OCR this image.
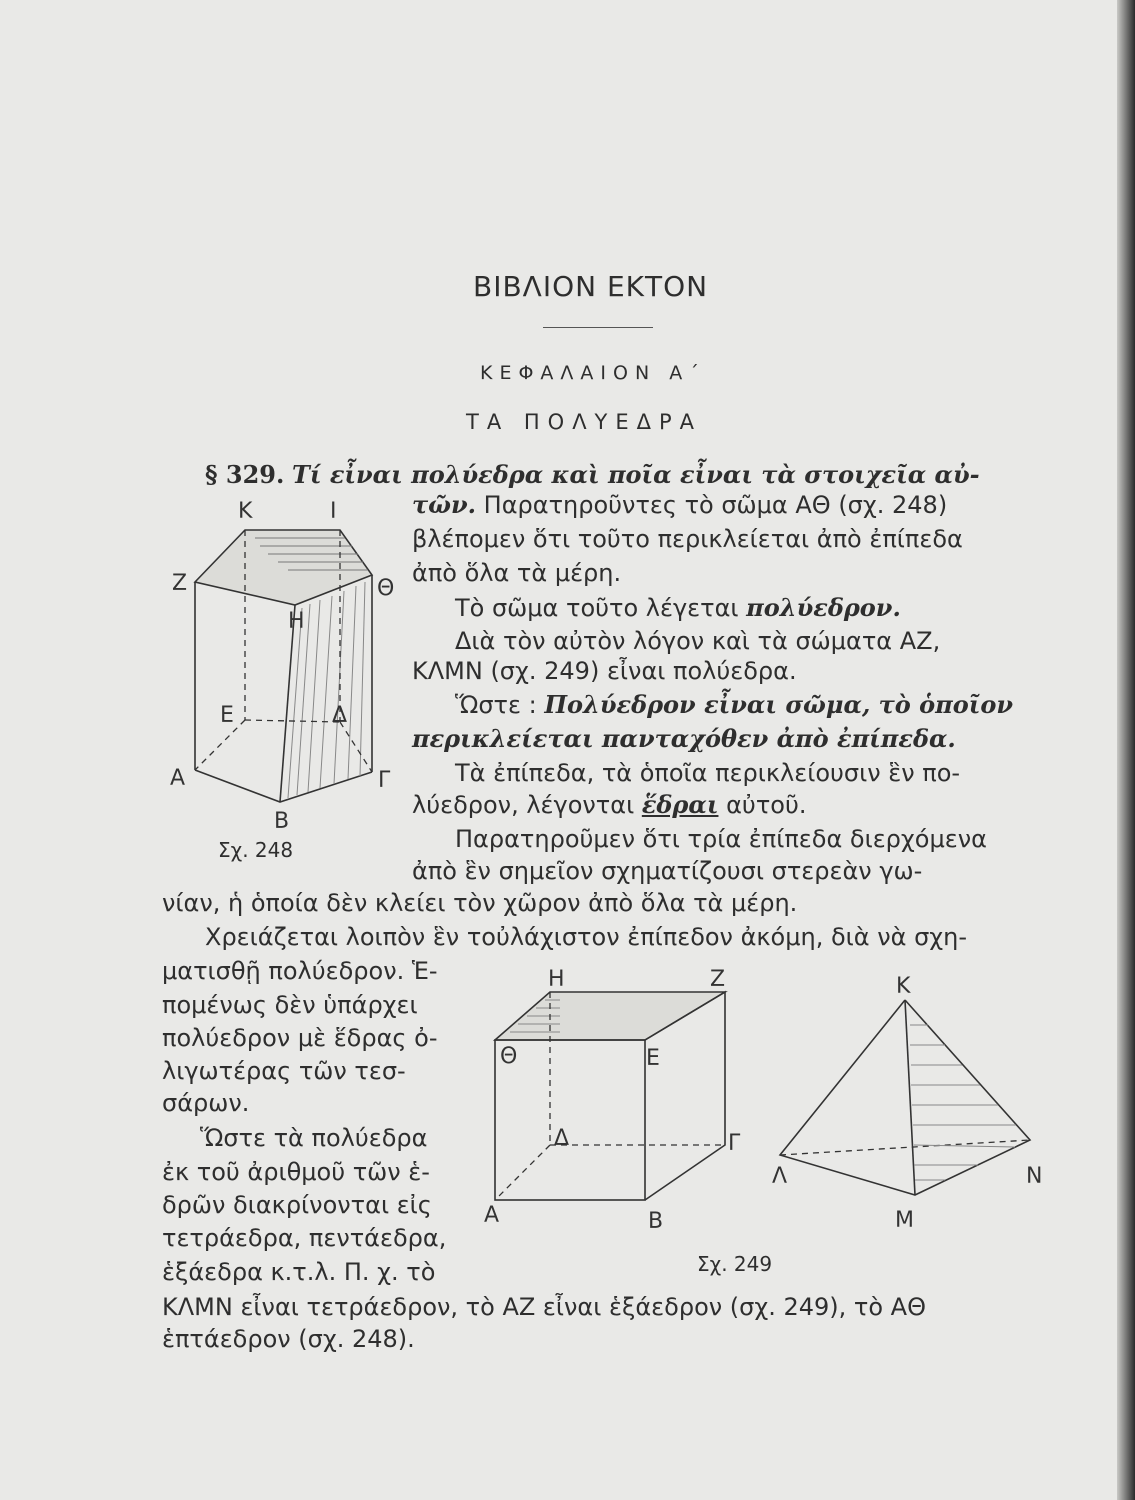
ΒΙΒΛΙΟΝ ΕΚΤΟΝ
ΚΕΦΑΛΑΙΟΝ Α΄
ΤΑ ΠΟΛΥΕΔΡΑ
§ 329. Τί εἶναι πολύεδρα καὶ ποῖα εἶναι τὰ στοιχεῖα αὐ-
τῶν. Παρατηροῦντες τὸ σῶμα ΑΘ (σχ. 248)
βλέπομεν ὅτι τοῦτο περικλείεται ἀπὸ ἐπίπεδα
ἀπὸ ὅλα τὰ μέρη.
Τὸ σῶμα τοῦτο λέγεται πολύεδρον.
Διὰ τὸν αὐτὸν λόγον καὶ τὰ σώματα ΑΖ,
ΚΛΜΝ (σχ. 249) εἶναι πολύεδρα.
Ὥστε : Πολύεδρον εἶναι σῶμα, τὸ ὁποῖον
περικλείεται πανταχόθεν ἀπὸ ἐπίπεδα.
Τὰ ἐπίπεδα, τὰ ὁποῖα περικλείουσιν ἓν πο-
λύεδρον, λέγονται ἕδραι αὐτοῦ.
Παρατηροῦμεν ὅτι τρία ἐπίπεδα διερχόμενα
ἀπὸ ἓν σημεῖον σχηματίζουσι στερεὰν γω-
νίαν, ἡ ὁποία δὲν κλείει τὸν χῶρον ἀπὸ ὅλα τὰ μέρη.
Χρειάζεται λοιπὸν ἓν τοὐλάχιστον ἐπίπεδον ἀκόμη, διὰ νὰ σχη-
ματισθῇ πολύεδρον. Ἑ-
πομένως δὲν ὑπάρχει
πολύεδρον μὲ ἕδρας ὀ-
λιγωτέρας τῶν τεσ-
σάρων.
Ὥστε τὰ πολύεδρα
ἐκ τοῦ ἀριθμοῦ τῶν ἑ-
δρῶν διακρίνονται εἰς
τετράεδρα, πεντάεδρα,
ἑξάεδρα κ.τ.λ. Π. χ. τὸ
ΚΛΜΝ εἶναι τετράεδρον, τὸ ΑΖ εἶναι ἑξάεδρον (σχ. 249), τὸ ΑΘ
ἑπτάεδρον (σχ. 248).
Κ	Ι
Ζ	Θ
Η
Ε	Δ
Α	Γ
Β
Σχ. 248
Η	Ζ
Θ	Ε
Δ	Γ
Α	Β
Κ
Λ	Ν
Μ
Σχ. 249
